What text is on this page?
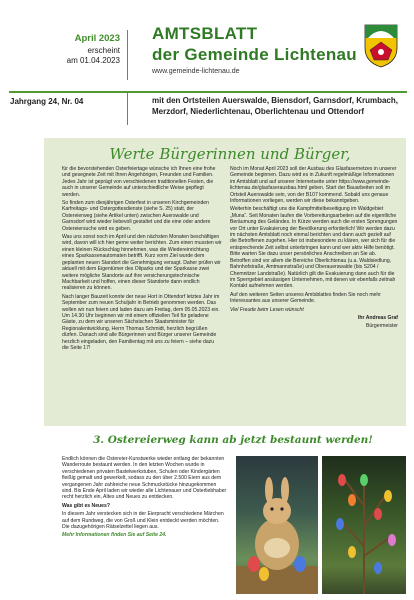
April 2023
erscheint
am 01.04.2023
AMTSBLATT
der Gemeinde Lichtenau
www.gemeinde-lichtenau.de
Jahrgang 24, Nr. 04	mit den Ortsteilen Auerswalde, Biensdorf, Garnsdorf, Krumbach, Merzdorf, Niederlichtenau, Oberlichtenau und Ottendorf
Werte Bürgerinnen und Bürger,

für die bevorstehenden Osterfeiertage wünsche ich Ihnen eine frohe und gesegnete Zeit mit Ihren Angehörigen, Freunden und Familien. Jedes Jahr ist geprägt von verschiedenen traditionellen Festen, die auch in unserer Gemeinde auf unterschiedliche Weise gepflegt werden.

So finden zum diesjährigen Osterfest in unseren Kirchgemeinden Karfreitags- und Ostergottesdienste (siehe S. 25) statt, der Ostereierweg (siehe Artikel unten) zwischen Auerswalde und Garnsdorf wird wieder liebevoll gestaltet und die eine oder andere Ostereiersuche wird es geben.

Was uns sonst noch im April und den nächsten Monaten beschäftigen wird, davon will ich hier gerne weiter berichten. Zum einen mussten wir einen kleinen Rückschlag hinnehmen, was die Wiedereinrichtung eines Sparkassenautomaten betrifft. Kurz vorm Ziel wurde dem geplanten neuen Standort die Genehmigung versagt. Daher prüfen wir aktuell mit dem Eigentümer des Oliparks und der Sparkasse zwei weitere mögliche Standorte auf ihre versicherungstechnische Machbarkeit und hoffen, einen dieser Standorte dann endlich realisieren zu können.

Nach langer Bauzeit konnte der neue Hort in Ottendorf letztes Jahr im September zum neuen Schuljahr in Betrieb genommen werden. Das wollen wir nun feiern und laden dazu am Freitag, dem 05.05.2023 ein. Um 14.30 Uhr beginnen wir mit einem offiziellen Teil für geladene Gäste, zu dem wir unseren Sächsischen Staatsminister für Regionalentwicklung, Herrn Thomas Schmidt, herzlich begrüßen dürfen. Danach sind alle Bürgerinnen und Bürger unserer Gemeinde herzlich eingeladen, den Familientag mit uns zu feiern – siehe dazu die Seite 17!

Noch im Monat April 2023 soll der Ausbau des Glasfasernetzes in unserer Gemeinde beginnen. Dazu wird es in Zukunft regelmäßige Informationen im Amtsblatt und auf unserer Internetseite unter https://www.gemeinde-lichtenau.de/glasfaserausbau.html geben. Start der Bauarbeiten soll im Ortsteil Auerswalde sein, von der B107 kommend. Sobald uns genaue Informationen vorliegen, werden wir diese bekanntgeben.

Weiterhin beschäftigt uns die Kampfmittelbeseitigung im Waldgebiet „Muna“. Seit Monaten laufen die Vorbereitungsarbeiten auf die eigentliche Beräumung des Geländes. In Kürze werden auch die ersten Sprengungen vor Ort unter Evakuierung der Bevölkerung erforderlich! Wir werden dazu im nächsten Amtsblatt noch einmal berichten und dann auch gezielt auf die Betroffenen zugehen. Hier ist insbesondere zu klären, wer sich für die entsprechende Zeit selbst unterbringen kann und wer aktiv Hilfe benötigt. Bitte warten Sie dazu unser persönliches Anschreiben an Sie ab. Betroffen sind vor allem die Bereiche Oberlichtenau (u.a. Waldsiedlung, Bahnhofstraße, Amtmannstraße) und Oberauerswalde (bis S204 / Chemnitzer Landstraße). Natürlich gilt die Evakuierung dann auch für die im Sperrgebiet ansässigen Unternehmen, mit denen wir ebenfalls zeitnah Kontakt aufnehmen werden.

Auf den weiteren Seiten unseres Amtsblattes finden Sie noch mehr Interessantes aus unserer Gemeinde.

Viel Freude beim Lesen wünscht

Ihr Andreas Graf

Bürgermeister

3. Ostereierweg kann ab jetzt bestaunt werden!

Endlich können die Ostereier-Kunstwerke wieder entlang der bekannten Wanderroute bestaunt werden. In den letzten Wochen wurde in verschiedenen privaten Bastelwerkstuben, Schulen oder Kindergärten fleißig gemalt und gewerkelt, sodass zu den über 2.500 Eiern aus dem vergangenen Jahr zahlreiche neue Schmuckstücke hinzugekommen sind. Bis Ende April laden wir wieder alle Lichtenauer und Osterliebhaber recht herzlich ein, Altes und Neues zu entdecken.

Was gibt es Neues?

In diesem Jahr verstecken sich in der Eierpracht verschiedene Märchen auf dem Rundweg, die von Groß und Klein entdeckt werden möchten. Die dazugehörigen Rätselzettel liegen aus.

Mehr Informationen finden Sie auf Seite 24.
